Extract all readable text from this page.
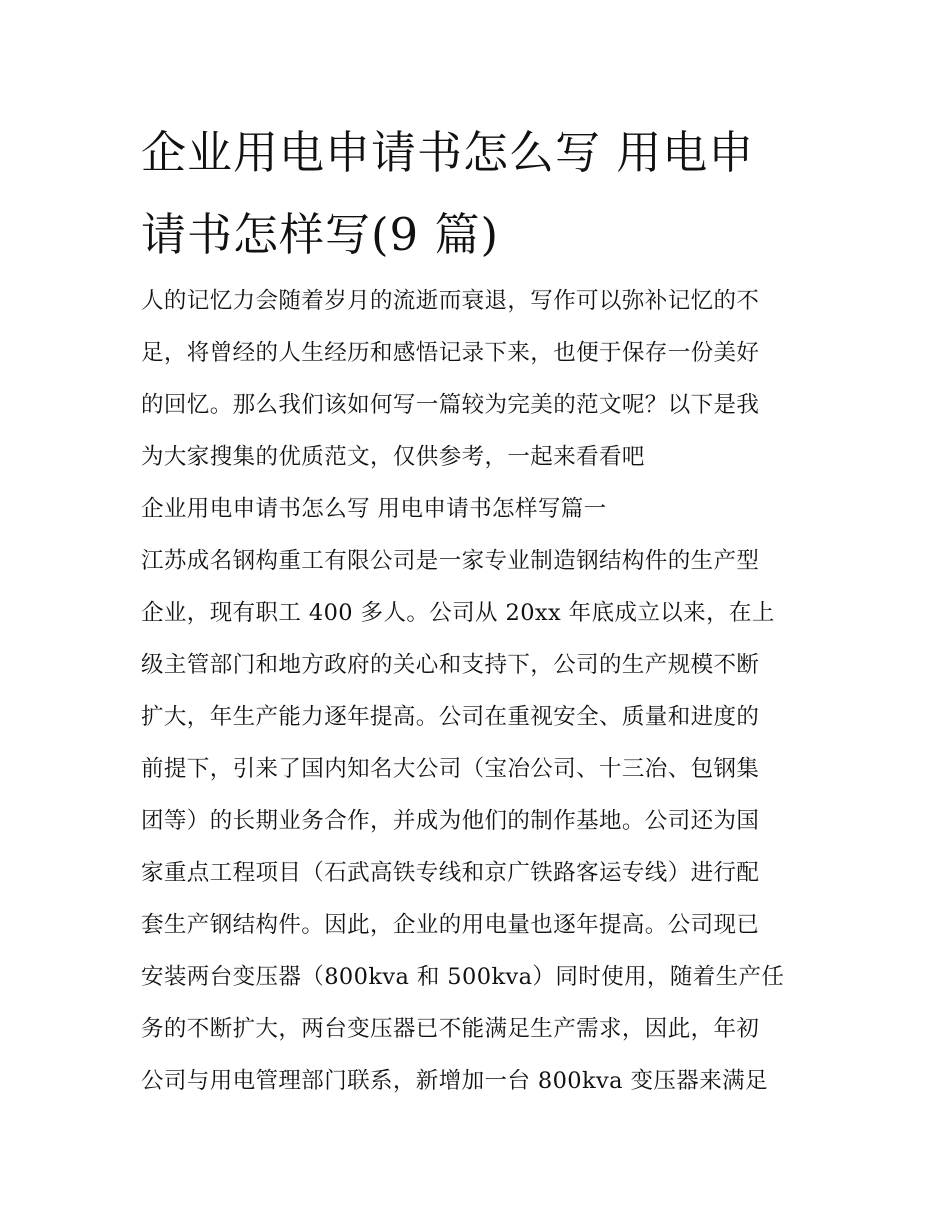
企业用电申请书怎么写 用电申
请书怎样写(9 篇)
人的记忆力会随着岁月的流逝而衰退，写作可以弥补记忆的不
足，将曾经的人生经历和感悟记录下来，也便于保存一份美好
的回忆。那么我们该如何写一篇较为完美的范文呢？以下是我
为大家搜集的优质范文，仅供参考，一起来看看吧
企业用电申请书怎么写 用电申请书怎样写篇一
江苏成名钢构重工有限公司是一家专业制造钢结构件的生产型
企业，现有职工 400 多人。公司从 20xx 年底成立以来，在上
级主管部门和地方政府的关心和支持下，公司的生产规模不断
扩大，年生产能力逐年提高。公司在重视安全、质量和进度的
前提下，引来了国内知名大公司（宝冶公司、十三冶、包钢集
团等）的长期业务合作，并成为他们的制作基地。公司还为国
家重点工程项目（石武高铁专线和京广铁路客运专线）进行配
套生产钢结构件。因此，企业的用电量也逐年提高。公司现已
安装两台变压器（800kva 和 500kva）同时使用，随着生产任
务的不断扩大，两台变压器已不能满足生产需求，因此，年初
公司与用电管理部门联系，新增加一台 800kva 变压器来满足
